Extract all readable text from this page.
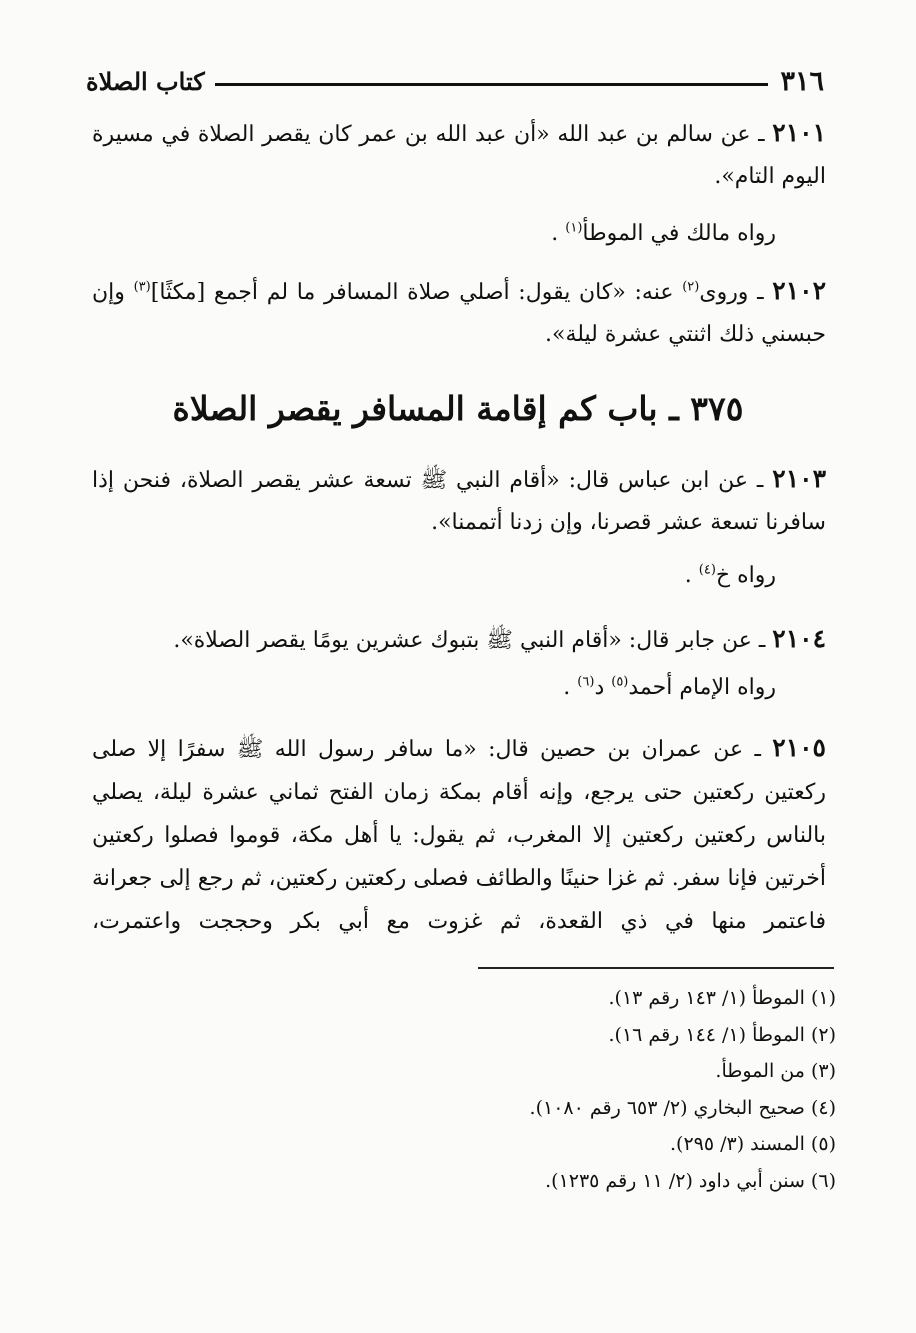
٣١٦
كتاب الصلاة
٢١٠١ ـ عن سالم بن عبد الله «أن عبد الله بن عمر كان يقصر الصلاة في مسيرة اليوم التام».
رواه مالك في الموطأ$^{(١)}$ .
٢١٠٢ ـ وروى$^{(٢)}$ عنه: «كان يقول: أصلي صلاة المسافر ما لم أجمع [مكثًا]$^{(٣)}$ وإن حبسني ذلك اثنتي عشرة ليلة».
٣٧٥ ـ باب كم إقامة المسافر يقصر الصلاة
٢١٠٣ ـ عن ابن عباس قال: «أقام النبي ﷺ تسعة عشر يقصر الصلاة، فنحن إذا سافرنا تسعة عشر قصرنا، وإن زدنا أتممنا».
رواه خ$^{(٤)}$ .
٢١٠٤ ـ عن جابر قال: «أقام النبي ﷺ بتبوك عشرين يومًا يقصر الصلاة».
رواه الإمام أحمد$^{(٥)}$ د$^{(٦)}$ .
٢١٠٥ ـ عن عمران بن حصين قال: «ما سافر رسول الله ﷺ سفرًا إلا صلى ركعتين ركعتين حتى يرجع، وإنه أقام بمكة زمان الفتح ثماني عشرة ليلة، يصلي بالناس ركعتين ركعتين إلا المغرب، ثم يقول: يا أهل مكة، قوموا فصلوا ركعتين أخرتين فإنا سفر. ثم غزا حنينًا والطائف فصلى ركعتين ركعتين، ثم رجع إلى جعرانة فاعتمر منها في ذي القعدة، ثم غزوت مع أبي بكر وحججت واعتمرت،
(١) الموطأ (١/ ١٤٣ رقم ١٣).
(٢) الموطأ (١/ ١٤٤ رقم ١٦).
(٣) من الموطأ.
(٤) صحيح البخاري (٢/ ٦٥٣ رقم ١٠٨٠).
(٥) المسند (٣/ ٢٩٥).
(٦) سنن أبي داود (٢/ ١١ رقم ١٢٣٥).
